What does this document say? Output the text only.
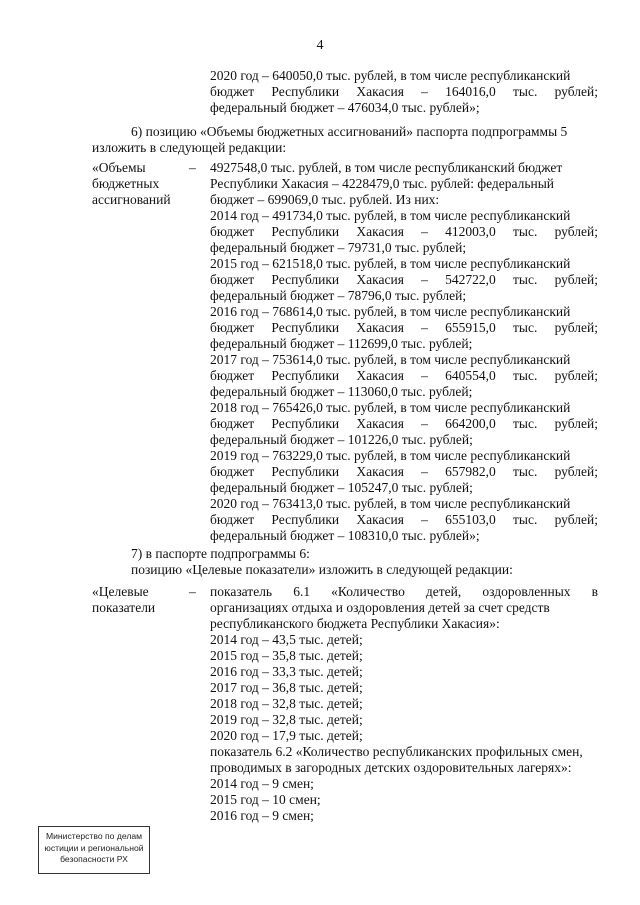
4
2020 год – 640050,0 тыс. рублей, в том числе республиканский
бюджет Республики Хакасия – 164016,0 тыс. рублей;
федеральный бюджет – 476034,0 тыс. рублей»;
6) позицию «Объемы бюджетных ассигнований» паспорта подпрограммы 5
изложить в следующей редакции:
«Объемы
бюджетных
ассигнований
– 4927548,0 тыс. рублей, в том числе республиканский бюджет
Республики Хакасия – 4228479,0 тыс. рублей: федеральный
бюджет – 699069,0 тыс. рублей. Из них:
2014 год – 491734,0 тыс. рублей, в том числе республиканский
бюджет Республики Хакасия – 412003,0 тыс. рублей;
федеральный бюджет – 79731,0 тыс. рублей;
2015 год – 621518,0 тыс. рублей, в том числе республиканский
бюджет Республики Хакасия – 542722,0 тыс. рублей;
федеральный бюджет – 78796,0 тыс. рублей;
2016 год – 768614,0 тыс. рублей, в том числе республиканский
бюджет Республики Хакасия – 655915,0 тыс. рублей;
федеральный бюджет – 112699,0 тыс. рублей;
2017 год – 753614,0 тыс. рублей, в том числе республиканский
бюджет Республики Хакасия – 640554,0 тыс. рублей;
федеральный бюджет – 113060,0 тыс. рублей;
2018 год – 765426,0 тыс. рублей, в том числе республиканский
бюджет Республики Хакасия – 664200,0 тыс. рублей;
федеральный бюджет – 101226,0 тыс. рублей;
2019 год – 763229,0 тыс. рублей, в том числе республиканский
бюджет Республики Хакасия – 657982,0 тыс. рублей;
федеральный бюджет – 105247,0 тыс. рублей;
2020 год – 763413,0 тыс. рублей, в том числе республиканский
бюджет Республики Хакасия – 655103,0 тыс. рублей;
федеральный бюджет – 108310,0 тыс. рублей»;
7) в паспорте подпрограммы 6:
позицию «Целевые показатели» изложить в следующей редакции:
«Целевые
показатели
– показатель 6.1 «Количество детей, оздоровленных в
организациях отдыха и оздоровления детей за счет средств
республиканского бюджета Республики Хакасия»:
2014 год – 43,5 тыс. детей;
2015 год – 35,8 тыс. детей;
2016 год – 33,3 тыс. детей;
2017 год – 36,8 тыс. детей;
2018 год – 32,8 тыс. детей;
2019 год – 32,8 тыс. детей;
2020 год – 17,9 тыс. детей;
показатель 6.2 «Количество республиканских профильных смен,
проводимых в загородных детских оздоровительных лагерях»:
2014 год – 9 смен;
2015 год – 10 смен;
2016 год – 9 смен;
Министерство по делам
юстиции и региональной
безопасности РХ
